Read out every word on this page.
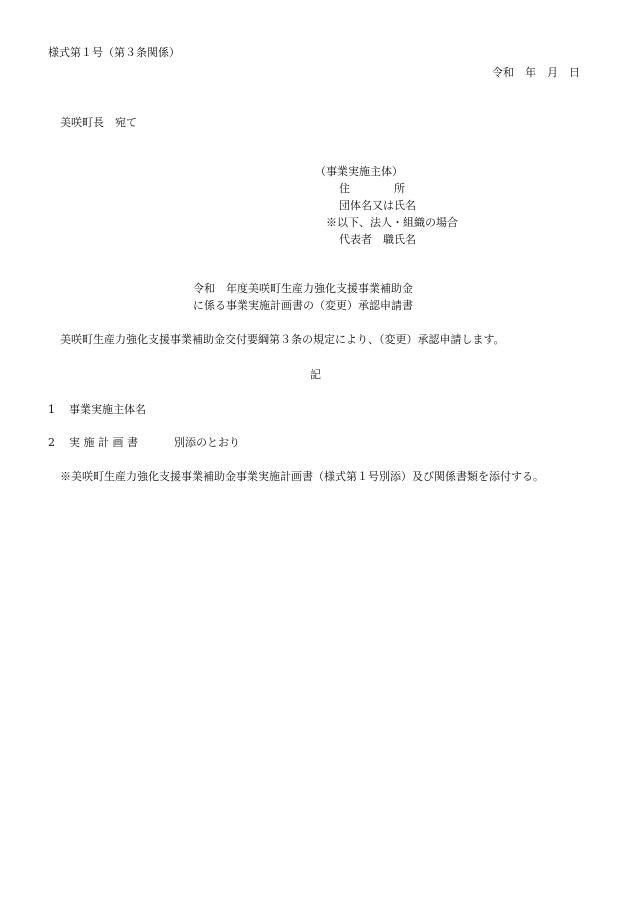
様式第１号（第３条関係）
令和　年　月　日
美咲町長　宛て
（事業実施主体）
住　　　　所
団体名又は氏名
※以下、法人・組織の場合
代表者　職氏名
令和　年度美咲町生産力強化支援事業補助金
に係る事業実施計画書の（変更）承認申請書
美咲町生産力強化支援事業補助金交付要綱第３条の規定により、（変更）承認申請します。
記
1 事業実施主体名
2 実 施 計 画 書	別添のとおり
※美咲町生産力強化支援事業補助金事業実施計画書（様式第１号別添）及び関係書類を添付する。
